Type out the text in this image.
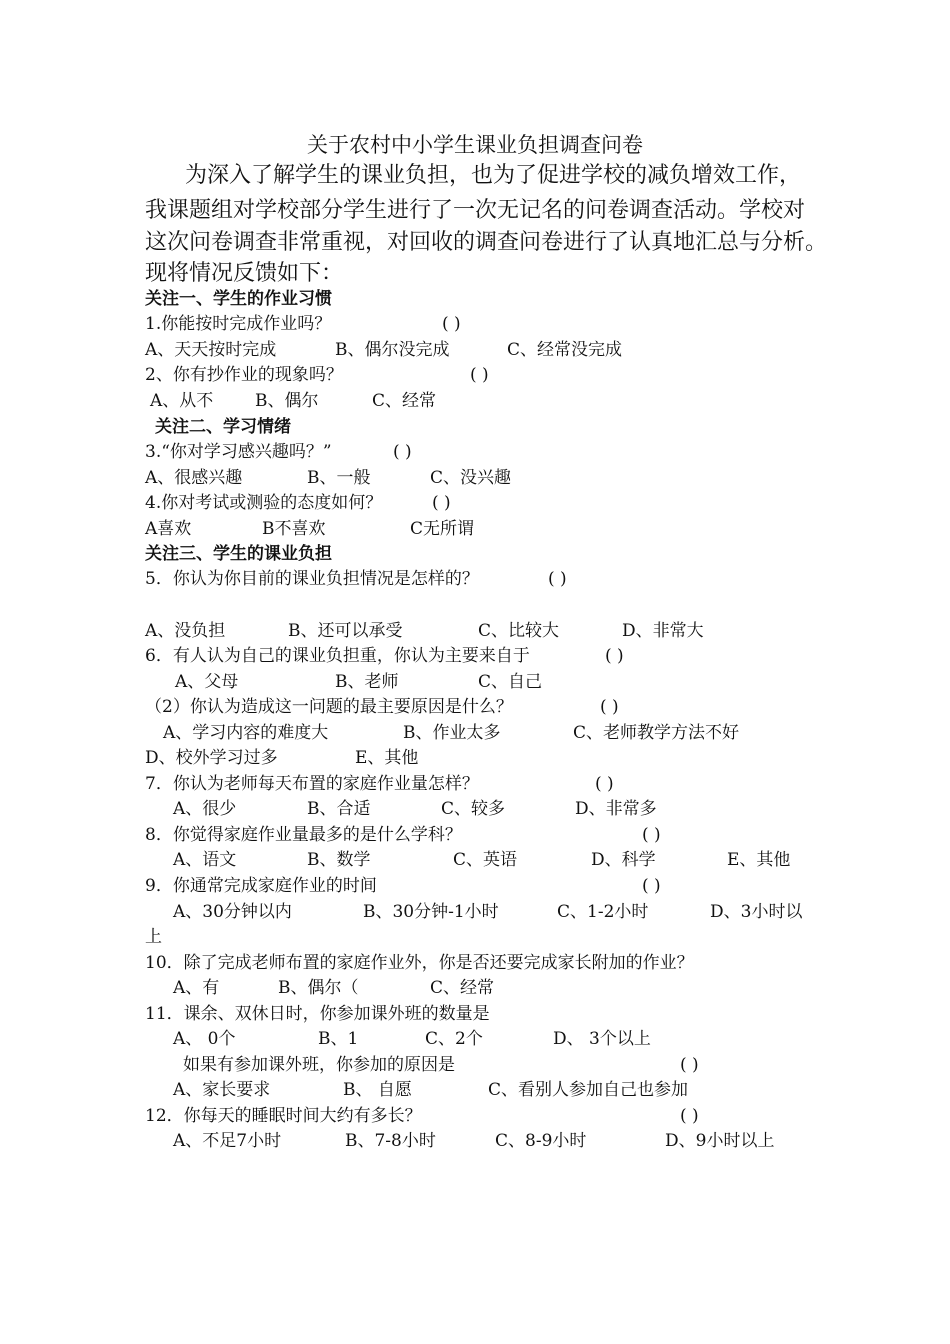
关于农村中小学生课业负担调查问卷

为深入了解学生的课业负担，也为了促进学校的减负增效工作，

我课题组对学校部分学生进行了一次无记名的问卷调查活动。学校对

这次问卷调查非常重视，对回收的调查问卷进行了认真地汇总与分析。

现将情况反馈如下：

关注一、学生的作业习惯
1.你能按时完成作业吗？	( )
A、天天按时完成	B、偶尔没完成	C、经常没完成
2、你有抄作业的现象吗？	( )
A、从不 B、偶尔	C、经常
关注二、学习情绪
3.“你对学习感兴趣吗？”	( )
A、很感兴趣	B、一般	C、没兴趣
4.你对考试或测验的态度如何？	( )
A喜欢	B不喜欢	C无所谓
关注三、学生的课业负担
5．你认为你目前的课业负担情况是怎样的？	( )
A、没负担	B、还可以承受	C、比较大	D、非常大
6．有人认为自己的课业负担重，你认为主要来自于	( )
A、父母	B、老师	C、自己
（2）你认为造成这一问题的最主要原因是什么？	( )
A、学习内容的难度大	B、作业太多	C、老师教学方法不好
D、校外学习过多	E、其他
7．你认为老师每天布置的家庭作业量怎样？	( )
A、很少	B、合适	C、较多	D、非常多
8．你觉得家庭作业量最多的是什么学科？	( )
A、语文	B、数学	C、英语	D、科学	E、其他
9．你通常完成家庭作业的时间	( )
A、30分钟以内	B、30分钟-1小时	C、1-2小时	D、3小时以
上
10．除了完成老师布置的家庭作业外，你是否还要完成家长附加的作业？
A、有	B、偶尔（	C、经常
11．课余、双休日时，你参加课外班的数量是
A、 0个	B、1	C、2个	D、 3个以上
如果有参加课外班，你参加的原因是	( )
A、家长要求	B、 自愿	C、看别人参加自己也参加
12．你每天的睡眠时间大约有多长？	( )
A、不足7小时	B、7-8小时	C、8-9小时	D、9小时以上
